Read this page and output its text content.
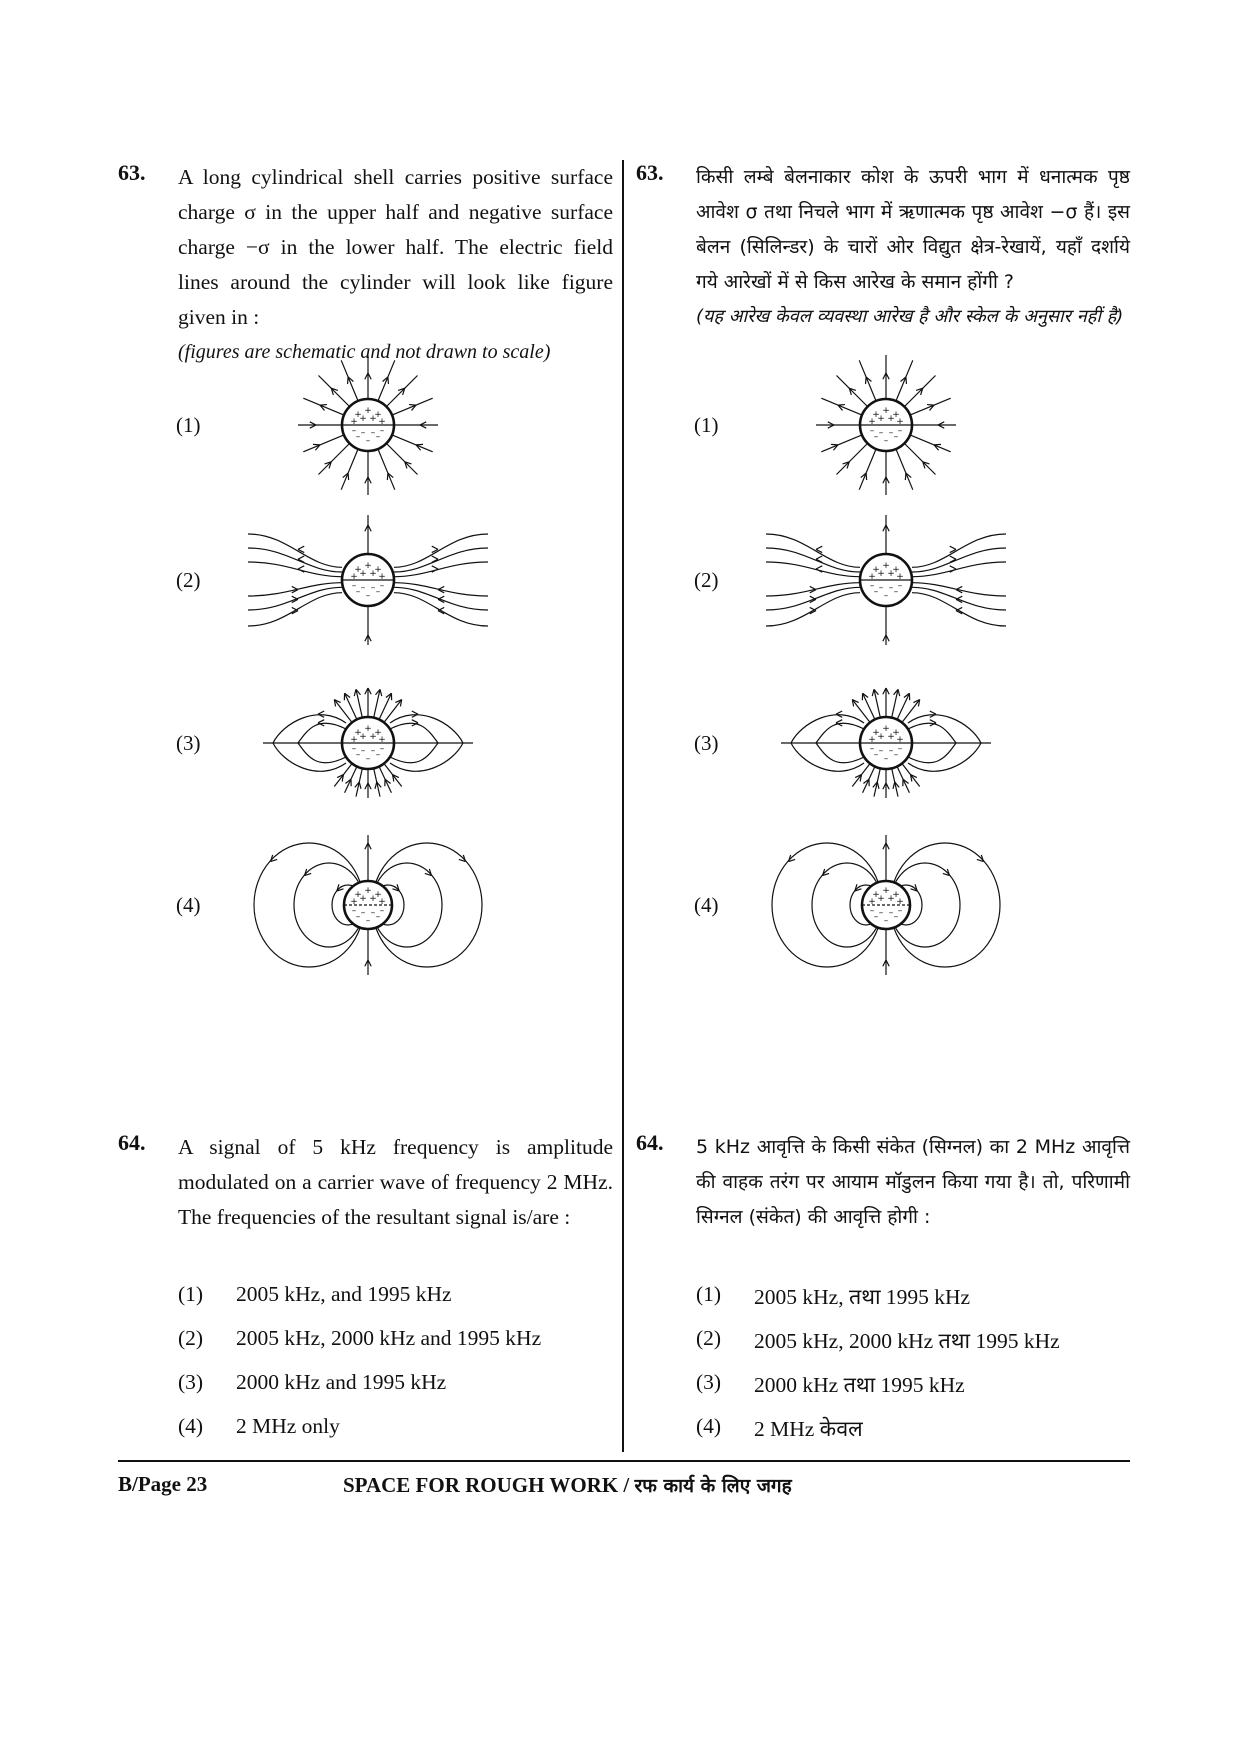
63. A long cylindrical shell carries positive surface charge σ in the upper half and negative surface charge −σ in the lower half. The electric field lines around the cylinder will look like figure given in :
(figures are schematic and not drawn to scale)
63. किसी लम्बे बेलनाकार कोश के ऊपरी भाग में धनात्मक पृष्ठ आवेश σ तथा निचले भाग में ऋणात्मक पृष्ठ आवेश −σ हैं। इस बेलन (सिलिन्डर) के चारों ओर विद्युत क्षेत्र-रेखायें, यहाँ दर्शाये गये आरेखों में से किस आरेख के समान होंगी ?
(यह आरेख केवल व्यवस्था आरेख है और स्केल के अनुसार नहीं है)
(1)	+ + +
+ +
+ +
– – –
–	–
– –
(2)	+ + +
+ +
+ +
– – –
–	–
– –
(3)	+ + +
+ +
+ +
– – –
–	–
– –
(4)	+ + +
+ +
+ +
– – –
–	–
– –
(1)	+ + +
+ +
+ +
– – –
–	–
– –
(2)	+ + +
+ +
+ +
– – –
–	–
– –
(3)	+ + +
+ +
+ +
– – –
–	–
– –
(4)	+ + +
+ +
+ +
– – –
–	–
– –
64. A signal of 5 kHz frequency is amplitude modulated on a carrier wave of frequency 2 MHz. The frequencies of the resultant signal is/are :
(1) 2005 kHz, and 1995 kHz
(2) 2005 kHz, 2000 kHz and 1995 kHz
(3) 2000 kHz and 1995 kHz
(4) 2 MHz only
64. 5 kHz आवृत्ति के किसी संकेत (सिग्नल) का 2 MHz आवृत्ति की वाहक तरंग पर आयाम मॉडुलन किया गया है। तो, परिणामी सिग्नल (संकेत) की आवृत्ति होगी :
(1) 2005 kHz, तथा 1995 kHz
(2) 2005 kHz, 2000 kHz तथा 1995 kHz
(3) 2000 kHz तथा 1995 kHz
(4) 2 MHz केवल
B/Page 23	SPACE FOR ROUGH WORK / रफ कार्य के लिए जगह
